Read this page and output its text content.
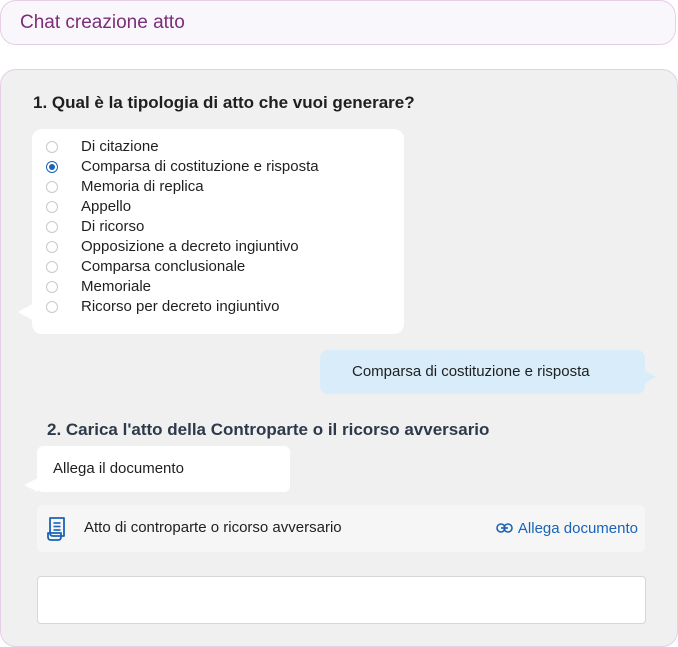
Chat creazione atto
1. Qual è la tipologia di atto che vuoi generare?
Di citazione
Comparsa di costituzione e risposta
Memoria di replica
Appello
Di ricorso
Opposizione a decreto ingiuntivo
Comparsa conclusionale
Memoriale
Ricorso per decreto ingiuntivo
Comparsa di costituzione e risposta
2. Carica l'atto della Controparte o il ricorso avversario
Allega il documento
Atto di controparte o ricorso avversario	Allega documento
